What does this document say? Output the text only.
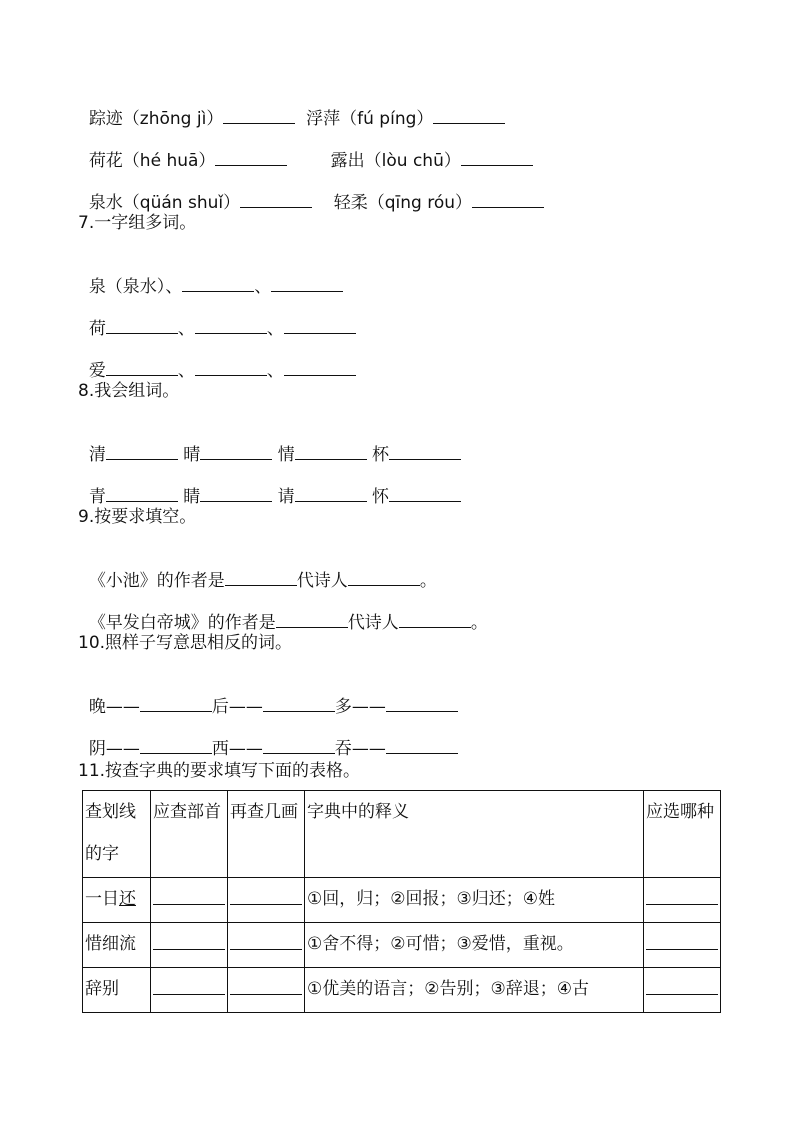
踪迹（zhōng jì）	浮萍（fú píng）

荷花（hé huā）	露出（lòu chū）

泉水（qüán shuǐ）	轻柔（qīng róu）

7.一字组多词。

泉（泉水）、	、

荷	、	、

爱	、	、

8.我会组词。

清	晴	情	杯

青	睛	请	怀

9.按要求填空。

《小池》的作者是	代诗人	。

《早发白帝城》的作者是	代诗人	。

10.照样子写意思相反的词。

晚——	后——	多——

阴——	西——	吞——

11.按查字典的要求填写下面的表格。
查划线的字	应查部首	再查几画	字典中的释义	应选哪种
一日还			①回，归；②回报；③归还；④姓	
惜细流			①舍不得；②可惜；③爱惜，重视。	
辞别			①优美的语言；②告别；③辞退；④古	
